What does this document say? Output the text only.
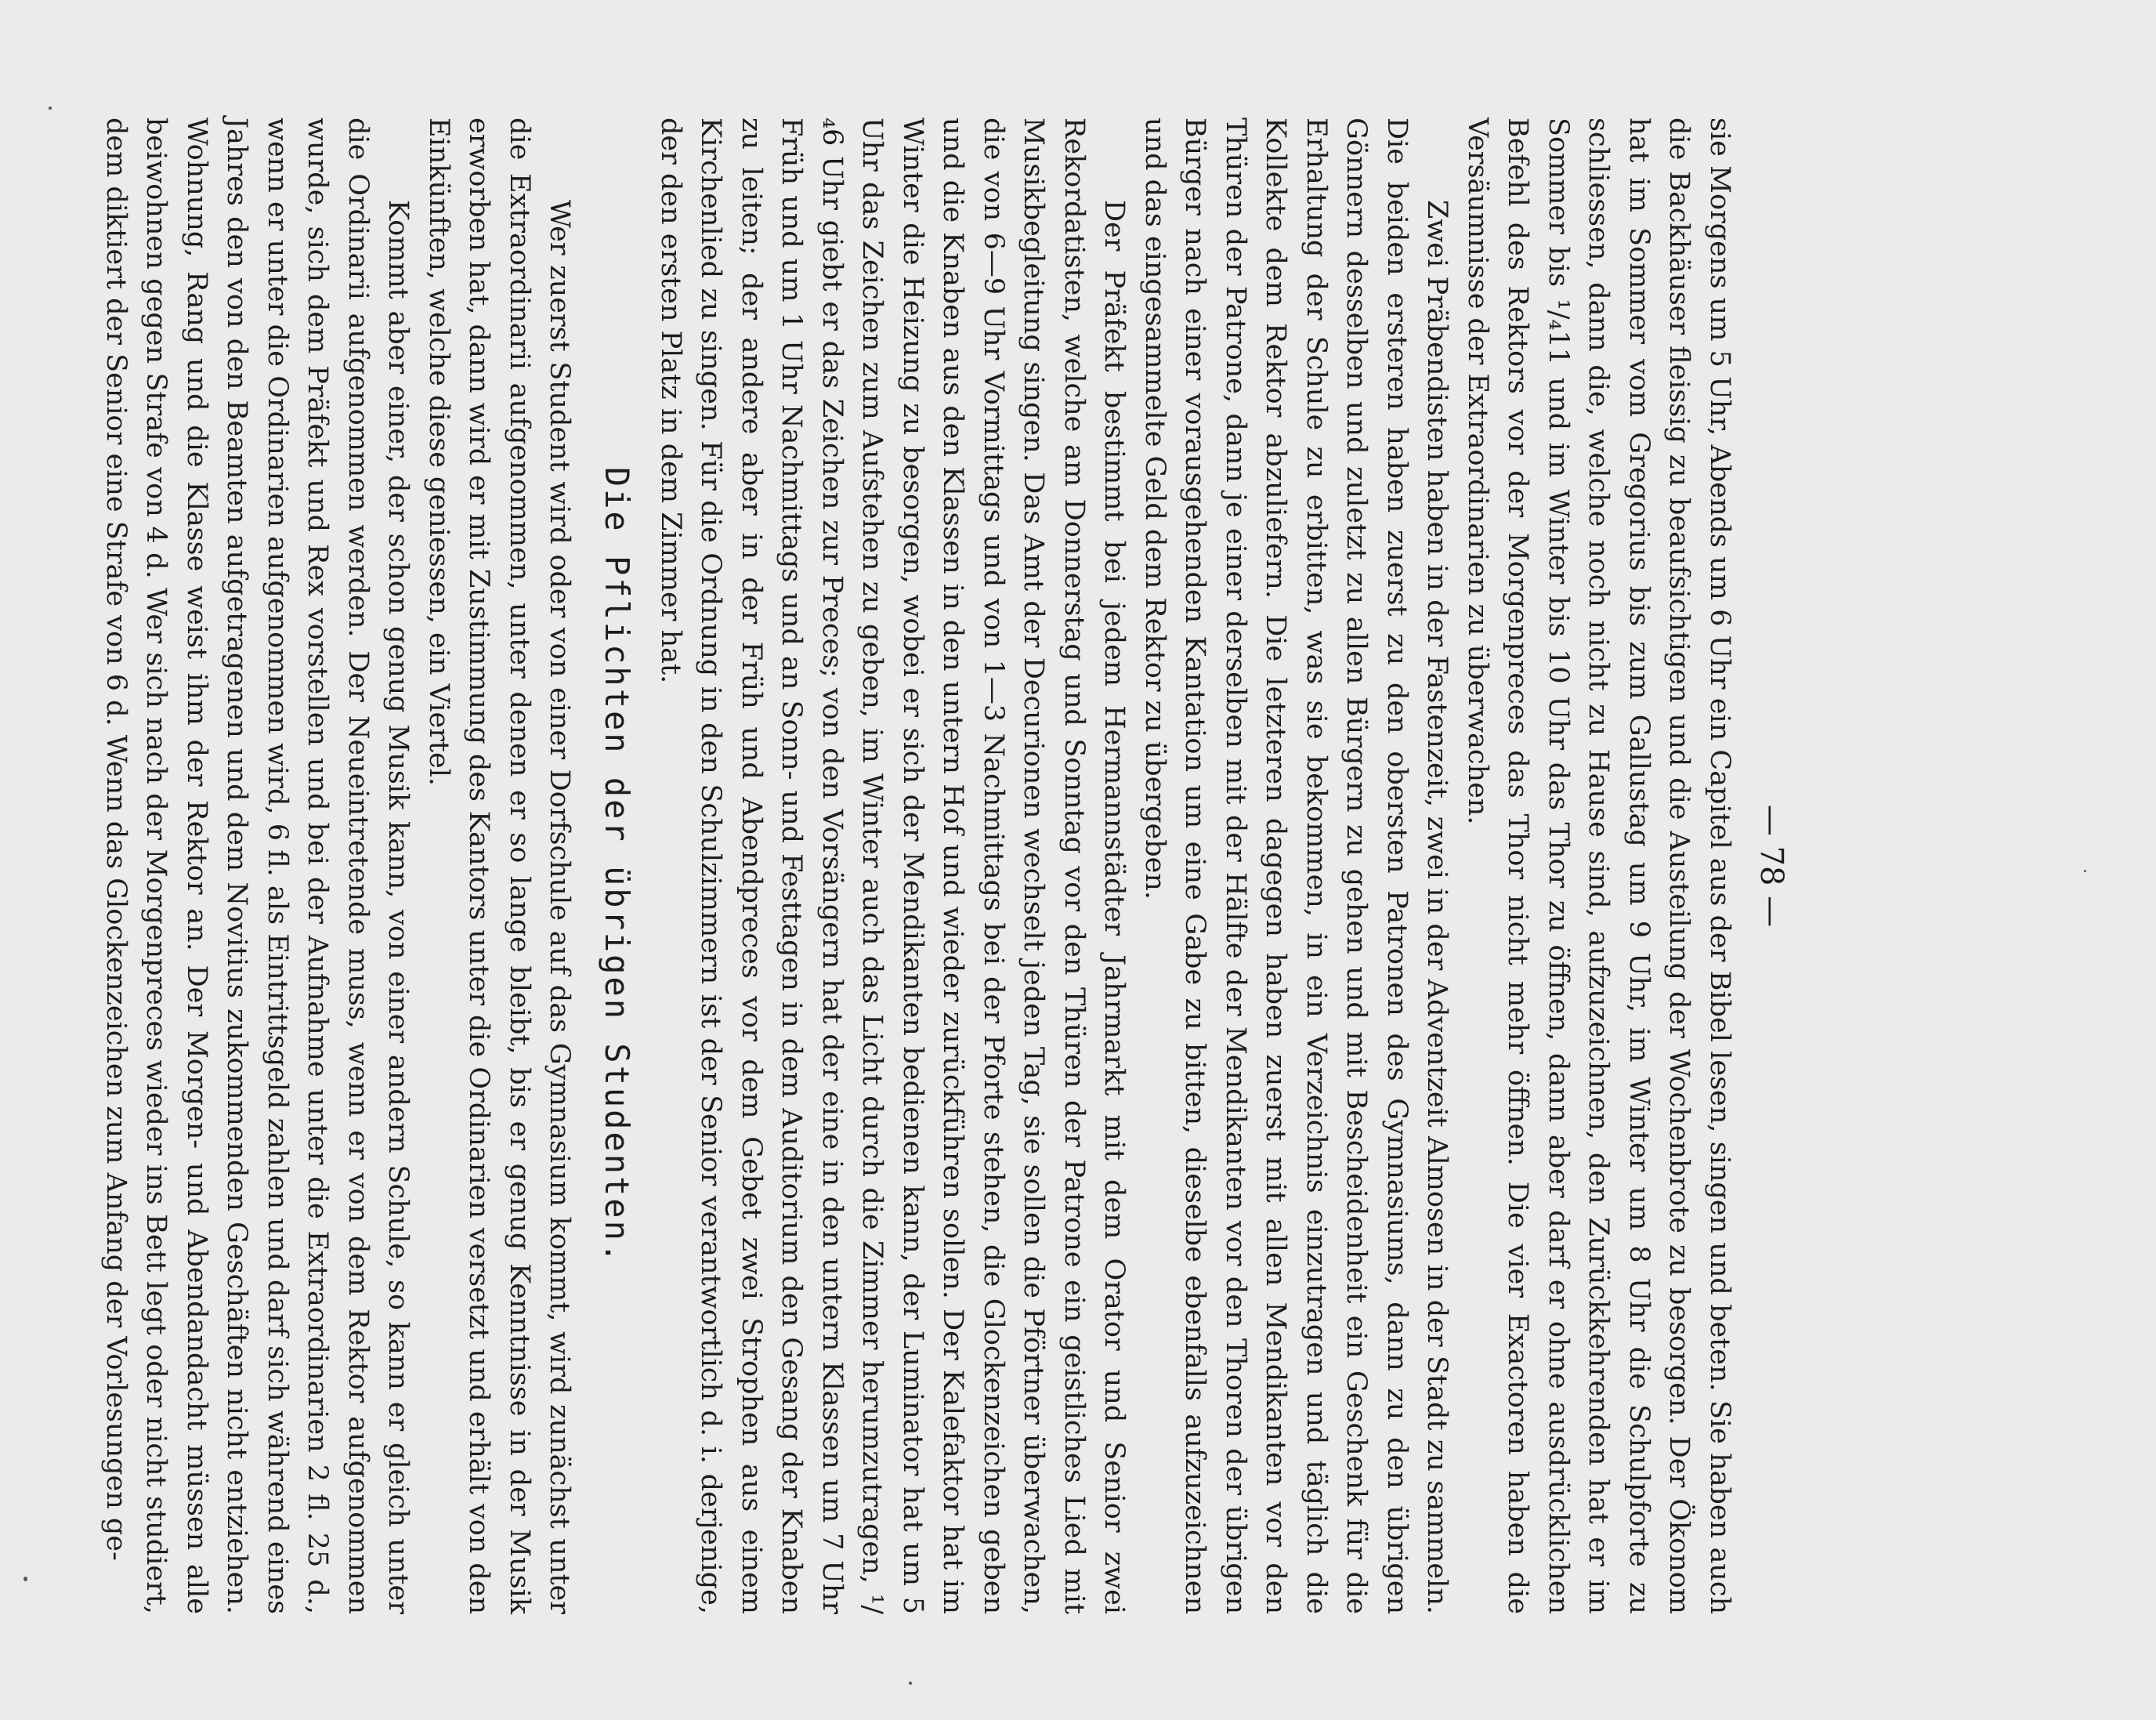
— 78 —

sie Morgens um 5 Uhr, Abends um 6 Uhr ein Capitel aus der Bibel lesen, singen und beten. Sie haben auch die Backhäuser fleissig zu beaufsichtigen und die Austeilung der Wochenbrote zu besorgen. Der Ökonom hat im Sommer vom Gregorius bis zum Gallustag um 9 Uhr, im Winter um 8 Uhr die Schulpforte zu schliessen, dann die, welche noch nicht zu Hause sind, aufzuzeichnen, den Zurückkehrenden hat er im Sommer bis ¹/₄11 und im Winter bis 10 Uhr das Thor zu öffnen, dann aber darf er ohne ausdrücklichen Befehl des Rektors vor der Morgenpreces das Thor nicht mehr öffnen. Die vier Exactoren haben die Versäumnisse der Extraordinarien zu überwachen.

Zwei Präbendisten haben in der Fastenzeit, zwei in der Adventzeit Almosen in der Stadt zu sammeln. Die beiden ersteren haben zuerst zu den obersten Patronen des Gymnasiums, dann zu den übrigen Gönnern desselben und zuletzt zu allen Bürgern zu gehen und mit Bescheidenheit ein Geschenk für die Erhaltung der Schule zu erbitten, was sie bekommen, in ein Verzeichnis einzutragen und täglich die Kollekte dem Rektor abzuliefern. Die letzteren dagegen haben zuerst mit allen Mendikanten vor den Thüren der Patrone, dann je einer derselben mit der Hälfte der Mendikanten vor den Thoren der übrigen Bürger nach einer vorausgehenden Kantation um eine Gabe zu bitten, dieselbe ebenfalls aufzuzeichnen und das eingesammelte Geld dem Rektor zu übergeben.

Der Präfekt bestimmt bei jedem Hermannstädter Jahrmarkt mit dem Orator und Senior zwei Rekordatisten, welche am Donnerstag und Sonntag vor den Thüren der Patrone ein geistliches Lied mit Musikbegleitung singen. Das Amt der Decurionen wechselt jeden Tag, sie sollen die Pförtner überwachen, die von 6—9 Uhr Vormittags und von 1—3 Nachmittags bei der Pforte stehen, die Glockenzeichen geben und die Knaben aus den Klassen in den untern Hof und wieder zurückführen sollen. Der Kalefaktor hat im Winter die Heizung zu besorgen, wobei er sich der Mendikanten bedienen kann, der Luminator hat um 5 Uhr das Zeichen zum Aufstehen zu geben, im Winter auch das Licht durch die Zimmer herumzutragen, ¹/₄6 Uhr giebt er das Zeichen zur Preces; von den Vorsängern hat der eine in den untern Klassen um 7 Uhr Früh und um 1 Uhr Nachmittags und an Sonn- und Festtagen in dem Auditorium den Gesang der Knaben zu leiten; der andere aber in der Früh und Abendpreces vor dem Gebet zwei Strophen aus einem Kirchenlied zu singen. Für die Ordnung in den Schulzimmern ist der Senior verantwortlich d. i. derjenige, der den ersten Platz in dem Zimmer hat.

Die Pflichten der übrigen Studenten.

Wer zuerst Student wird oder von einer Dorfschule auf das Gymnasium kommt, wird zunächst unter die Extraordinarii aufgenommen, unter denen er so lange bleibt, bis er genug Kenntnisse in der Musik erworben hat, dann wird er mit Zustimmung des Kantors unter die Ordinarien versetzt und erhält von den Einkünften, welche diese geniessen, ein Viertel.

Kommt aber einer, der schon genug Musik kann, von einer andern Schule, so kann er gleich unter die Ordinarii aufgenommen werden. Der Neueintretende muss, wenn er von dem Rektor aufgenommen wurde, sich dem Präfekt und Rex vorstellen und bei der Aufnahme unter die Extraordinarien 2 fl. 25 d., wenn er unter die Ordinarien aufgenommen wird, 6 fl. als Eintrittsgeld zahlen und darf sich während eines Jahres den von den Beamten aufgetragenen und dem Novitius zukommenden Geschäften nicht entziehen. Wohnung, Rang und die Klasse weist ihm der Rektor an. Der Morgen- und Abendandacht müssen alle beiwohnen gegen Strafe von 4 d. Wer sich nach der Morgenpreces wieder ins Bett legt oder nicht studiert, dem diktiert der Senior eine Strafe von 6 d. Wenn das Glockenzeichen zum Anfang der Vorlesungen ge-
